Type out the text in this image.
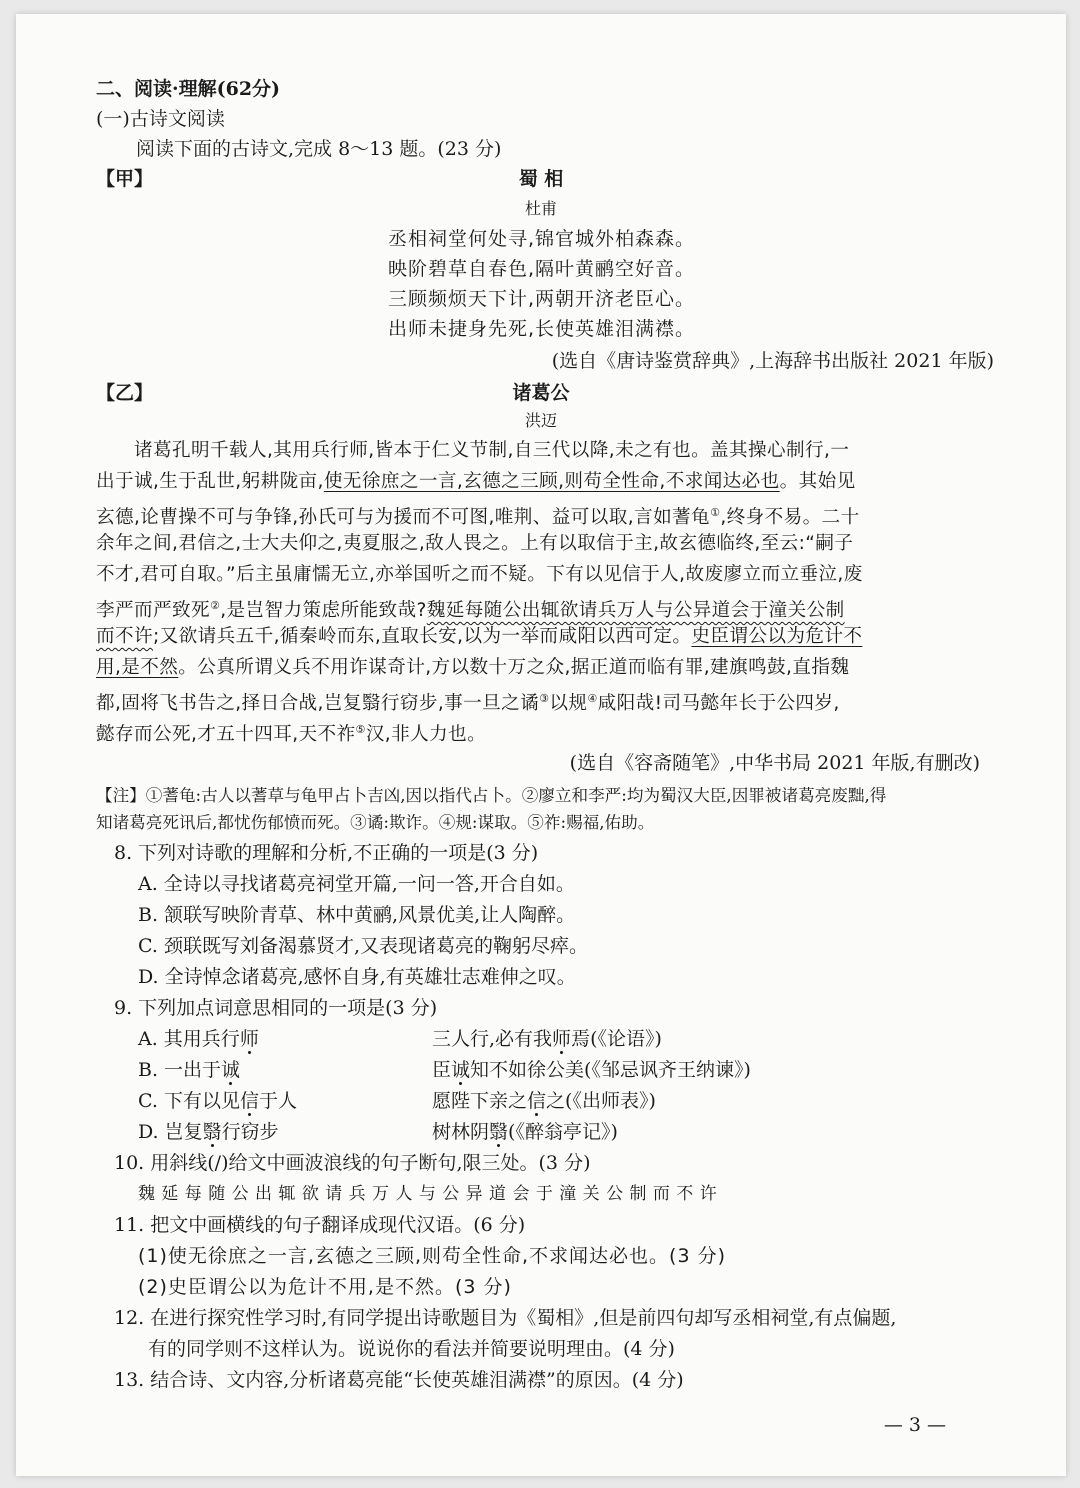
二、阅读·理解(62分)
(一)古诗文阅读
阅读下面的古诗文,完成 8～13 题。(23 分)
【甲】	蜀 相
杜甫
丞相祠堂何处寻,锦官城外柏森森。
映阶碧草自春色,隔叶黄鹂空好音。
三顾频烦天下计,两朝开济老臣心。
出师未捷身先死,长使英雄泪满襟。
(选自《唐诗鉴赏辞典》,上海辞书出版社 2021 年版)
【乙】	诸葛公
洪迈
诸葛孔明千载人,其用兵行师,皆本于仁义节制,自三代以降,未之有也。盖其操心制行,一
出于诚,生于乱世,躬耕陇亩,使无徐庶之一言,玄德之三顾,则苟全性命,不求闻达必也。其始见
玄德,论曹操不可与争锋,孙氏可与为援而不可图,唯荆、益可以取,言如蓍龟①,终身不易。二十
余年之间,君信之,士大夫仰之,夷夏服之,敌人畏之。上有以取信于主,故玄德临终,至云:“嗣子
不才,君可自取。”后主虽庸懦无立,亦举国听之而不疑。下有以见信于人,故废廖立而立垂泣,废
李严而严致死②,是岂智力策虑所能致哉?魏延每随公出辄欲请兵万人与公异道会于潼关公制
而不许;又欲请兵五千,循秦岭而东,直取长安,以为一举而咸阳以西可定。史臣谓公以为危计不
用,是不然。公真所谓义兵不用诈谋奇计,方以数十万之众,据正道而临有罪,建旗鸣鼓,直指魏
都,固将飞书告之,择日合战,岂复翳行窃步,事一旦之谲③以规④咸阳哉!司马懿年长于公四岁,
懿存而公死,才五十四耳,天不祚⑤汉,非人力也。
(选自《容斋随笔》,中华书局 2021 年版,有删改)
【注】①蓍龟:古人以蓍草与龟甲占卜吉凶,因以指代占卜。②廖立和李严:均为蜀汉大臣,因罪被诸葛亮废黜,得
知诸葛亮死讯后,都忧伤郁愤而死。③谲:欺诈。④规:谋取。⑤祚:赐福,佑助。
8. 下列对诗歌的理解和分析,不正确的一项是(3 分)
A. 全诗以寻找诸葛亮祠堂开篇,一问一答,开合自如。
B. 颔联写映阶青草、林中黄鹂,风景优美,让人陶醉。
C. 颈联既写刘备渴慕贤才,又表现诸葛亮的鞠躬尽瘁。
D. 全诗悼念诸葛亮,感怀自身,有英雄壮志难伸之叹。
9. 下列加点词意思相同的一项是(3 分)
A. 其用兵行师	三人行,必有我师焉(《论语》)
B. 一出于诚	臣诚知不如徐公美(《邹忌讽齐王纳谏》)
C. 下有以见信于人	愿陛下亲之信之(《出师表》)
D. 岂复翳行窃步	树林阴翳(《醉翁亭记》)
10. 用斜线(/)给文中画波浪线的句子断句,限三处。(3 分)
魏 延 每 随 公 出 辄 欲 请 兵 万 人 与 公 异 道 会 于 潼 关 公 制 而 不 许
11. 把文中画横线的句子翻译成现代汉语。(6 分)
(1)使无徐庶之一言,玄德之三顾,则苟全性命,不求闻达必也。(3 分)
(2)史臣谓公以为危计不用,是不然。(3 分)
12. 在进行探究性学习时,有同学提出诗歌题目为《蜀相》,但是前四句却写丞相祠堂,有点偏题,
有的同学则不这样认为。说说你的看法并简要说明理由。(4 分)
13. 结合诗、文内容,分析诸葛亮能“长使英雄泪满襟”的原因。(4 分)
— 3 —
